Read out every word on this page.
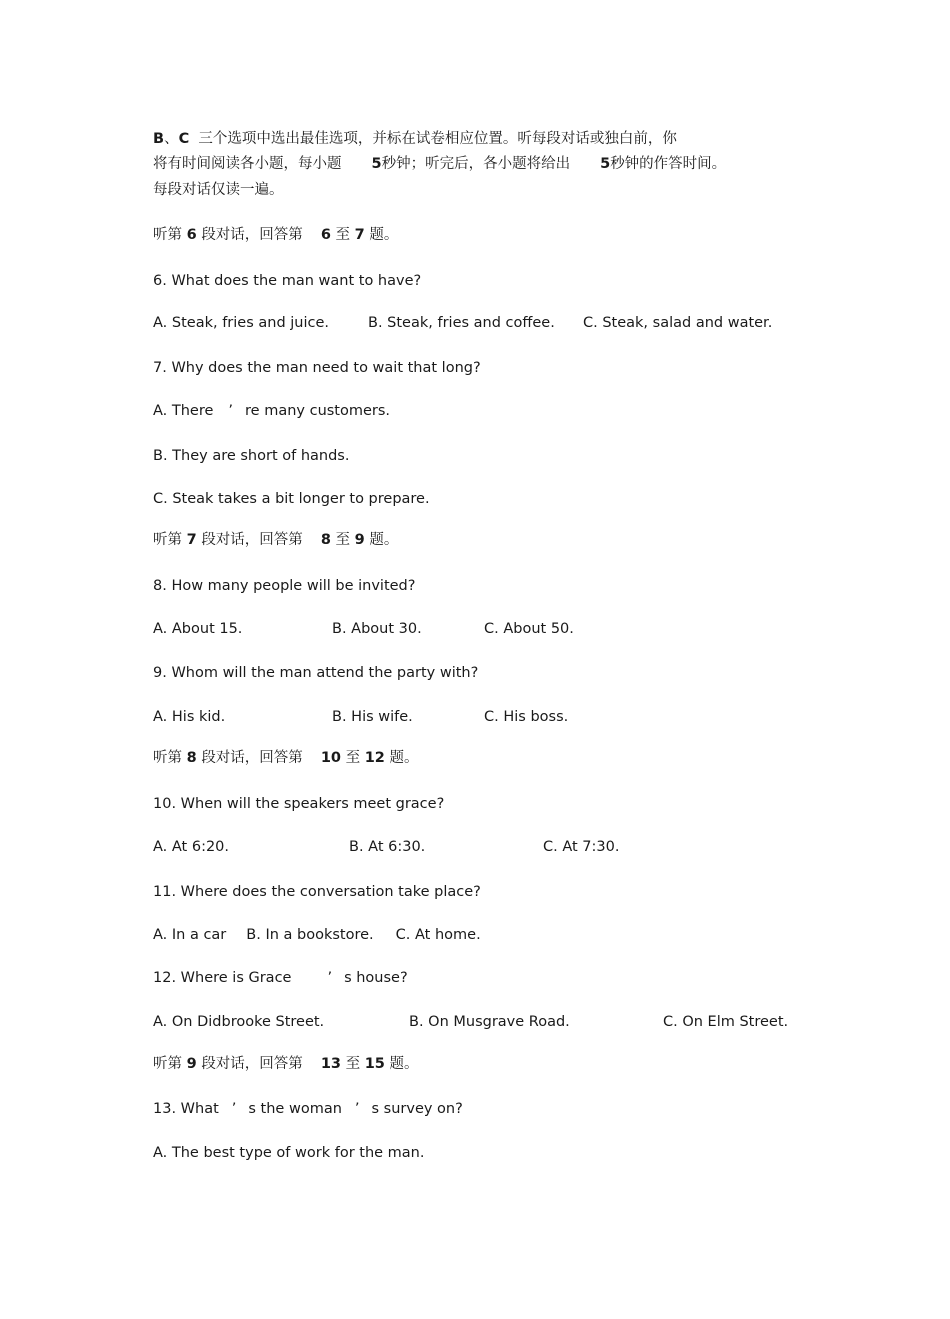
B、C  三个选项中选出最佳选项，并标在试卷相应位置。听每段对话或独白前，你
将有时间阅读各小题，每小题 5秒钟；听完后，各小题将给出 5秒钟的作答时间。
每段对话仅读一遍。
听第 6 段对话，回答第 6 至 7 题。
6. What does the man want to have?
A. Steak, fries and juice.	B. Steak, fries and coffee. C. Steak, salad and water.
7. Why does the man need to wait that long?
A. There ’ re many customers.
B. They are short of hands.
C. Steak takes a bit longer to prepare.
听第 7 段对话，回答第 8 至 9 题。
8. How many people will be invited?
A. About 15.	B. About 30.	C. About 50.
9. Whom will the man attend the party with?
A. His kid.	B. His wife.	C. His boss.
听第 8 段对话，回答第 10 至 12 题。
10. When will the speakers meet grace?
A. At 6:20.	B. At 6:30.	C. At 7:30.
11. Where does the conversation take place?
A. In a car B. In a bookstore. C. At home.
12. Where is Grace ’ s house?
A. On Didbrooke Street.	B. On Musgrave Road.	C. On Elm Street.
听第 9 段对话，回答第 13 至 15 题。
13. What ’ s the woman ’ s survey on?
A. The best type of work for the man.
